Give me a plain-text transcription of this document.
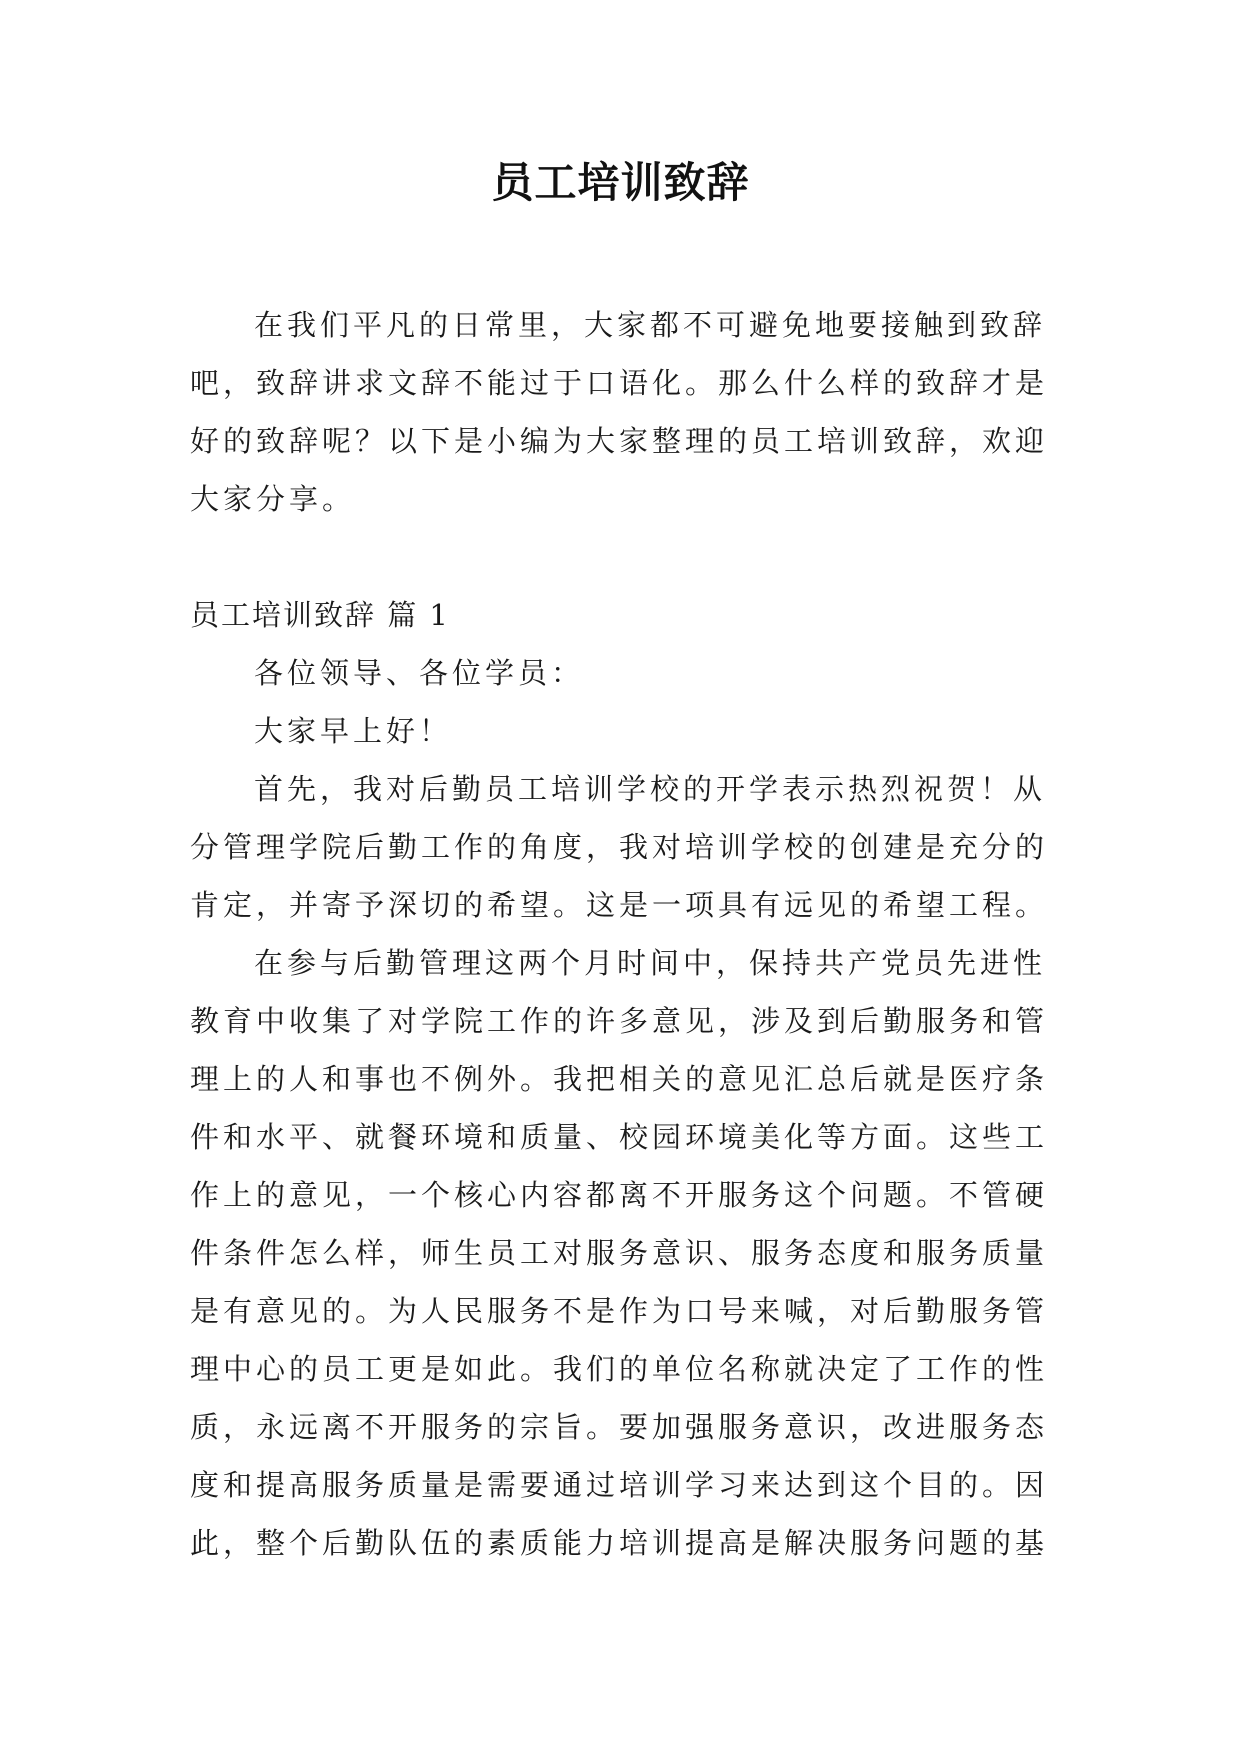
员工培训致辞

在我们平凡的日常里，大家都不可避免地要接触到致辞吧，致辞讲求文辞不能过于口语化。那么什么样的致辞才是好的致辞呢？以下是小编为大家整理的员工培训致辞，欢迎大家分享。

员工培训致辞 篇 1

各位领导、各位学员：

大家早上好！

首先，我对后勤员工培训学校的开学表示热烈祝贺！从分管理学院后勤工作的角度，我对培训学校的创建是充分的肯定，并寄予深切的希望。这是一项具有远见的希望工程。

在参与后勤管理这两个月时间中，保持共产党员先进性教育中收集了对学院工作的许多意见，涉及到后勤服务和管理上的人和事也不例外。我把相关的意见汇总后就是医疗条件和水平、就餐环境和质量、校园环境美化等方面。这些工作上的意见，一个核心内容都离不开服务这个问题。不管硬件条件怎么样，师生员工对服务意识、服务态度和服务质量是有意见的。为人民服务不是作为口号来喊，对后勤服务管理中心的员工更是如此。我们的单位名称就决定了工作的性质，永远离不开服务的宗旨。要加强服务意识，改进服务态度和提高服务质量是需要通过培训学习来达到这个目的。因此，整个后勤队伍的素质能力培训提高是解决服务问题的基
